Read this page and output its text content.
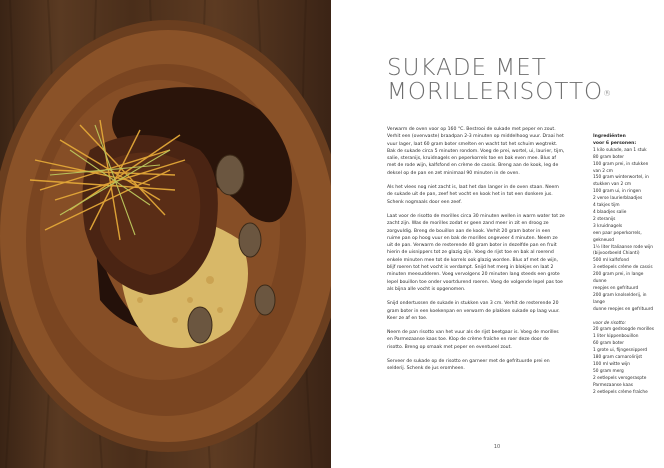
SUKADE MET
MORILLERISOTTO®

Verwarm de oven voor op 160 °C. Bestrooi de sukade met peper en zout. Verhit een (ovenvaste) braadpan 2-3 minuten op middelhoog vuur. Draai het vuur lager, laat 60 gram boter smelten en wacht tot het schuim wegtrekt. Bak de sukade circa 5 minuten rondom. Voeg de prei, wortel, ui, laurier, tijm, salie, steranijs, kruidnagels en peperkorrels toe en bak even mee. Blus af met de rode wijn, kalfsfond en crème de cassis. Breng aan de kook, leg de deksel op de pan en zet minimaal 90 minuten in de oven.

Als het vlees nog niet zacht is, laat het dan langer in de oven staan. Neem de sukade uit de pan, zeef het vocht en kook het in tot een donkere jus. Schenk nogmaals door een zeef.

Laat voor de risotto de morilles circa 30 minuten wellen in warm water tot ze zacht zijn. Was de morilles zodat er geen zand meer in zit en droog ze zorgvuldig. Breng de bouillon aan de kook. Verhit 20 gram boter in een ruime pan op hoog vuur en bak de morilles ongeveer 4 minuten. Neem ze uit de pan. Verwarm de resterende 40 gram boter in dezelfde pan en fruit hierin de uisnippers tot ze glazig zijn. Voeg de rijst toe en bak al roerend enkele minuten mee tot de korrels ook glazig worden. Blus af met de wijn, blijf roeren tot het vocht is verdampt. Snijd het merg in blokjes en laat 2 minuten meesudderen. Voeg vervolgens 20 minuten lang steeds een grote lepel bouillon toe onder voortdurend roeren. Voeg de volgende lepel pas toe als bijna alle vocht is opgenomen.

Snijd ondertussen de sukade in stukken van 3 cm. Verhit de resterende 20 gram boter in een koekenpan en verwarm de plakken sukade op laag vuur. Keer ze af en toe.

Neem de pan risotto van het vuur als de rijst beetgaar is. Voeg de morilles en Parmezaanse kaas toe. Klop de crème fraîche en roer deze door de risotto. Breng op smaak met peper en eventueel zout.

Serveer de sukade op de risotto en garneer met de gefrituurde prei en selderij. Schenk de jus eromheen.

Ingrediënten
voor 6 personen:
1 kilo sukade, aan 1 stuk
80 gram boter
100 gram prei, in stukken
van 2 cm
150 gram winterwortel, in
stukken van 2 cm
100 gram ui, in ringen
2 verse laurierblaadjes
4 takjes tijm
4 blaadjes salie
2 steranijs
3 kruidnagels
een paar peperkorrels,
gekneusd
1½ liter Italiaanse rode wijn
(bijvoorbeeld Chianti)
500 ml kalfsfond
3 eetlepels crème de cassis
200 gram prei, in lange dunne
reepjes en gefrituurd
200 gram knolselderij, in lange
dunne reepjes en gefrituurd
voor de risotto:
20 gram gedroogde morilles
1 liter kippenbouillon
60 gram boter
1 grote ui, fijngesnipperd
180 gram carnarolirijst
100 ml witte wijn
50 gram merg
2 eetlepels versgeraspte
Parmezaanse kaas
2 eetlepels crème fraîche
10
